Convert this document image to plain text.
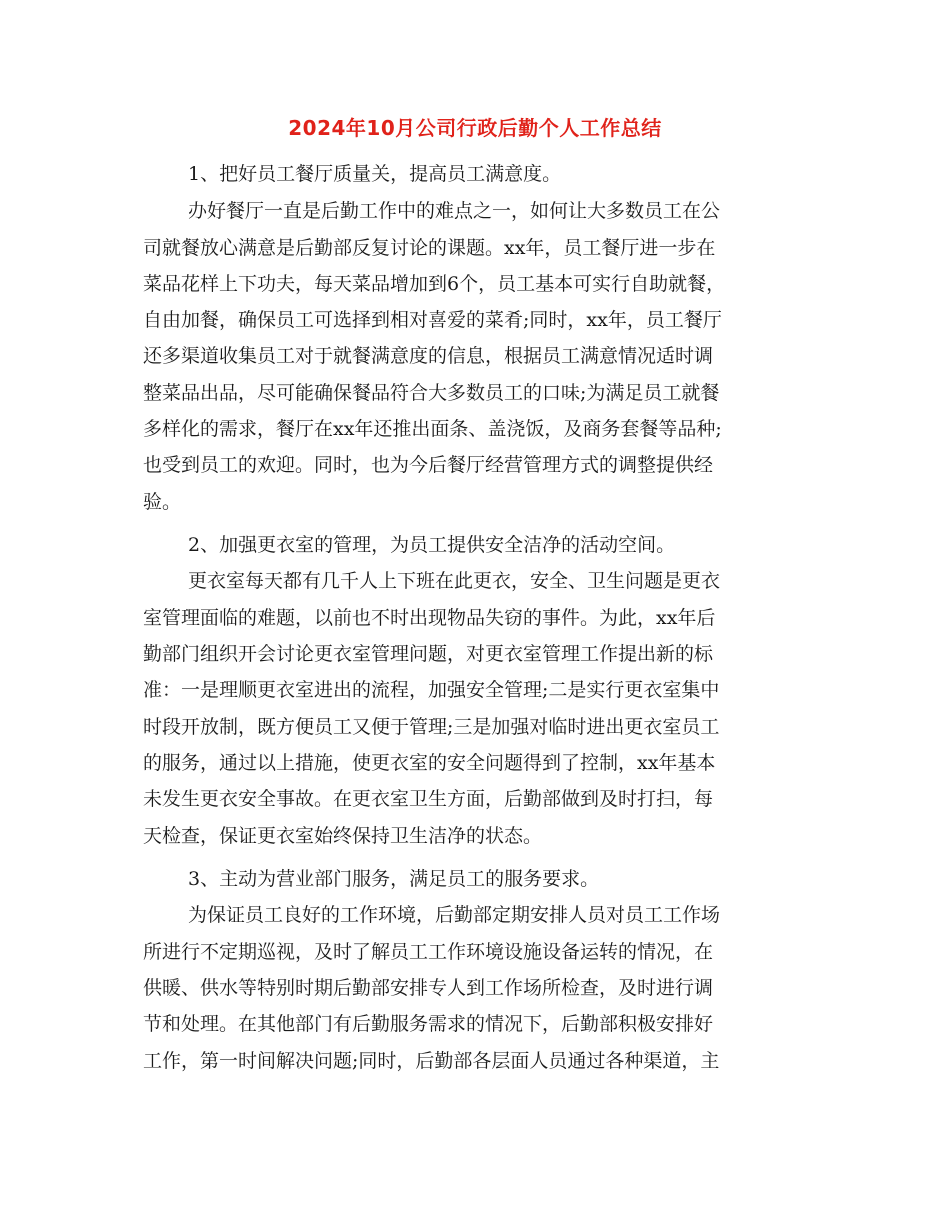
2024年10月公司行政后勤个人工作总结
1、把好员工餐厅质量关，提高员工满意度。
办好餐厅一直是后勤工作中的难点之一，如何让大多数员工在公
司就餐放心满意是后勤部反复讨论的课题。xx年，员工餐厅进一步在
菜品花样上下功夫，每天菜品增加到6个，员工基本可实行自助就餐，
自由加餐，确保员工可选择到相对喜爱的菜肴;同时，xx年，员工餐厅
还多渠道收集员工对于就餐满意度的信息，根据员工满意情况适时调
整菜品出品，尽可能确保餐品符合大多数员工的口味;为满足员工就餐
多样化的需求，餐厅在xx年还推出面条、盖浇饭，及商务套餐等品种;
也受到员工的欢迎。同时，也为今后餐厅经营管理方式的调整提供经
验。
2、加强更衣室的管理，为员工提供安全洁净的活动空间。
更衣室每天都有几千人上下班在此更衣，安全、卫生问题是更衣
室管理面临的难题，以前也不时出现物品失窃的事件。为此，xx年后
勤部门组织开会讨论更衣室管理问题，对更衣室管理工作提出新的标
准：一是理顺更衣室进出的流程，加强安全管理;二是实行更衣室集中
时段开放制，既方便员工又便于管理;三是加强对临时进出更衣室员工
的服务，通过以上措施，使更衣室的安全问题得到了控制，xx年基本
未发生更衣安全事故。在更衣室卫生方面，后勤部做到及时打扫，每
天检查，保证更衣室始终保持卫生洁净的状态。
3、主动为营业部门服务，满足员工的服务要求。
为保证员工良好的工作环境，后勤部定期安排人员对员工工作场
所进行不定期巡视，及时了解员工工作环境设施设备运转的情况，在
供暖、供水等特别时期后勤部安排专人到工作场所检查，及时进行调
节和处理。在其他部门有后勤服务需求的情况下，后勤部积极安排好
工作，第一时间解决问题;同时，后勤部各层面人员通过各种渠道，主
